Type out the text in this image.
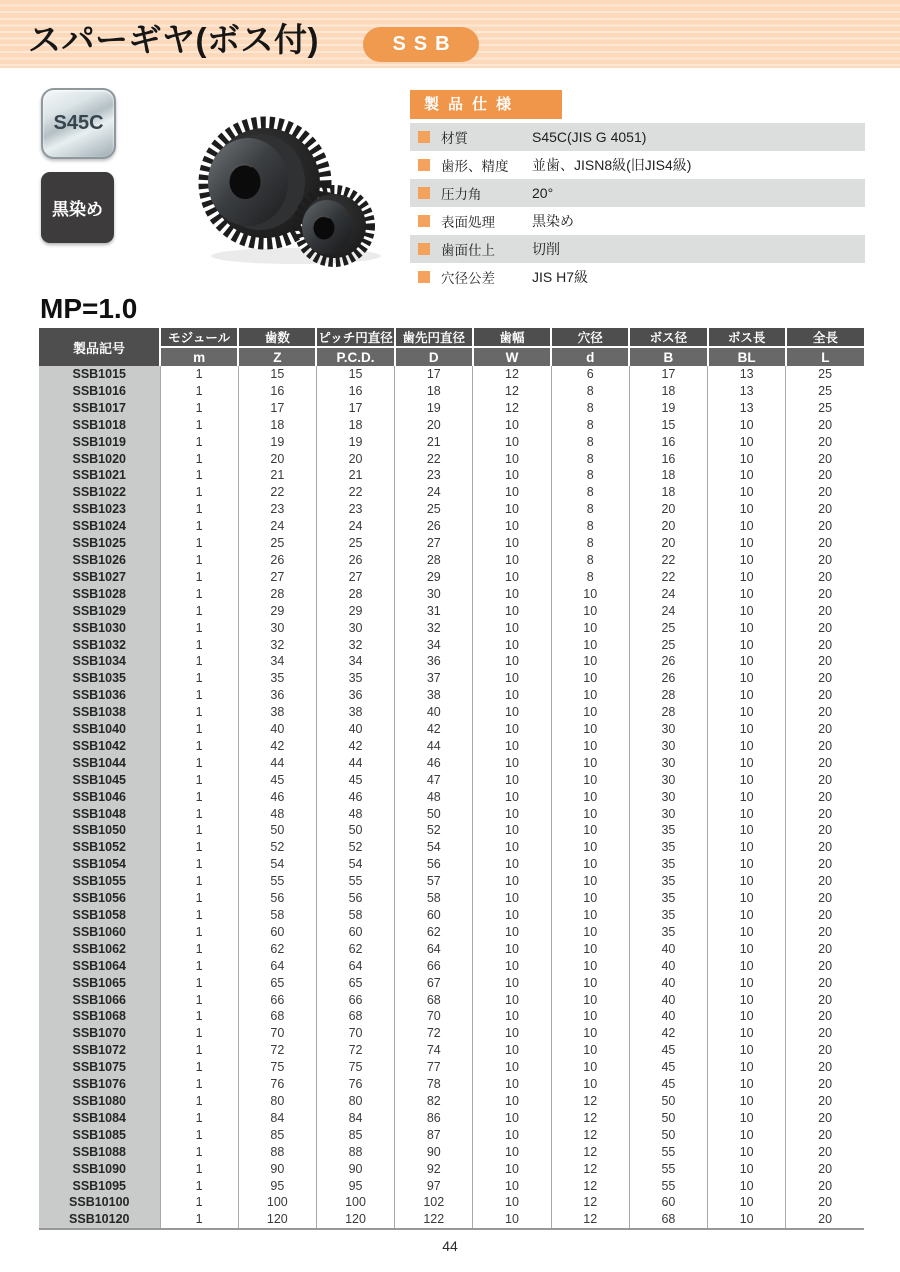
スパーギヤ(ボス付)	SSB
S45C
黒染め
製品仕様
材質	S45C(JIS G 4051)
歯形、精度	並歯、JISN8級(旧JIS4級)
圧力角	20°
表面処理	黒染め
歯面仕上	切削
穴径公差	JIS H7級
MP=1.0
製品記号	モジュール	歯数	ピッチ円直径	歯先円直径	歯幅	穴径	ボス径	ボス長	全長
	m	Z	P.C.D.	D	W	d	B	BL	L
SSB1015	1	15	15	17	12	6	17	13	25
SSB1016	1	16	16	18	12	8	18	13	25
SSB1017	1	17	17	19	12	8	19	13	25
SSB1018	1	18	18	20	10	8	15	10	20
SSB1019	1	19	19	21	10	8	16	10	20
SSB1020	1	20	20	22	10	8	16	10	20
SSB1021	1	21	21	23	10	8	18	10	20
SSB1022	1	22	22	24	10	8	18	10	20
SSB1023	1	23	23	25	10	8	20	10	20
SSB1024	1	24	24	26	10	8	20	10	20
SSB1025	1	25	25	27	10	8	20	10	20
SSB1026	1	26	26	28	10	8	22	10	20
SSB1027	1	27	27	29	10	8	22	10	20
SSB1028	1	28	28	30	10	10	24	10	20
SSB1029	1	29	29	31	10	10	24	10	20
SSB1030	1	30	30	32	10	10	25	10	20
SSB1032	1	32	32	34	10	10	25	10	20
SSB1034	1	34	34	36	10	10	26	10	20
SSB1035	1	35	35	37	10	10	26	10	20
SSB1036	1	36	36	38	10	10	28	10	20
SSB1038	1	38	38	40	10	10	28	10	20
SSB1040	1	40	40	42	10	10	30	10	20
SSB1042	1	42	42	44	10	10	30	10	20
SSB1044	1	44	44	46	10	10	30	10	20
SSB1045	1	45	45	47	10	10	30	10	20
SSB1046	1	46	46	48	10	10	30	10	20
SSB1048	1	48	48	50	10	10	30	10	20
SSB1050	1	50	50	52	10	10	35	10	20
SSB1052	1	52	52	54	10	10	35	10	20
SSB1054	1	54	54	56	10	10	35	10	20
SSB1055	1	55	55	57	10	10	35	10	20
SSB1056	1	56	56	58	10	10	35	10	20
SSB1058	1	58	58	60	10	10	35	10	20
SSB1060	1	60	60	62	10	10	35	10	20
SSB1062	1	62	62	64	10	10	40	10	20
SSB1064	1	64	64	66	10	10	40	10	20
SSB1065	1	65	65	67	10	10	40	10	20
SSB1066	1	66	66	68	10	10	40	10	20
SSB1068	1	68	68	70	10	10	40	10	20
SSB1070	1	70	70	72	10	10	42	10	20
SSB1072	1	72	72	74	10	10	45	10	20
SSB1075	1	75	75	77	10	10	45	10	20
SSB1076	1	76	76	78	10	10	45	10	20
SSB1080	1	80	80	82	10	12	50	10	20
SSB1084	1	84	84	86	10	12	50	10	20
SSB1085	1	85	85	87	10	12	50	10	20
SSB1088	1	88	88	90	10	12	55	10	20
SSB1090	1	90	90	92	10	12	55	10	20
SSB1095	1	95	95	97	10	12	55	10	20
SSB10100	1	100	100	102	10	12	60	10	20
SSB10120	1	120	120	122	10	12	68	10	20
44
